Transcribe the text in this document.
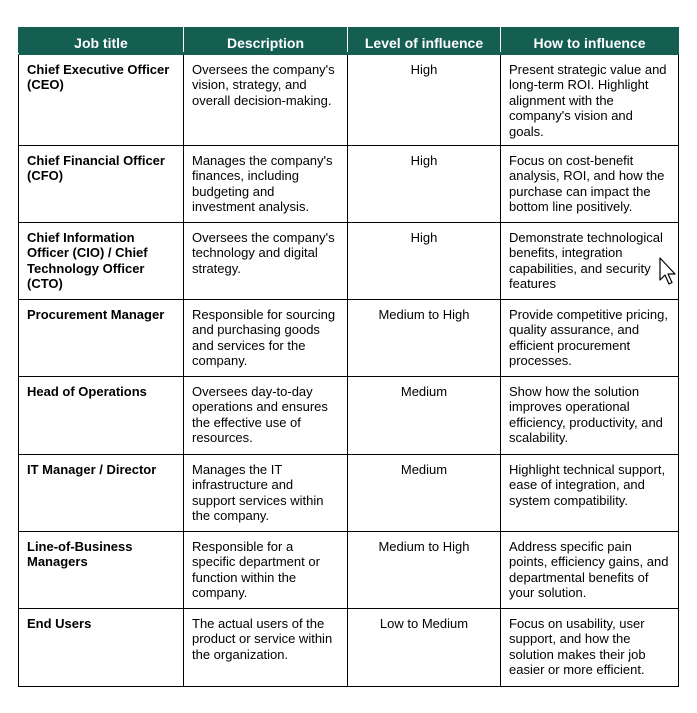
Job title	Description	Level of influence	How to influence
Chief Executive Officer (CEO)	Oversees the company's vision, strategy, and overall decision-making.	High	Present strategic value and long-term ROI. Highlight alignment with the company's vision and goals.
Chief Financial Officer (CFO)	Manages the company's finances, including budgeting and investment analysis.	High	Focus on cost-benefit analysis, ROI, and how the purchase can impact the bottom line positively.
Chief Information Officer (CIO) / Chief Technology Officer (CTO)	Oversees the company's technology and digital strategy.	High	Demonstrate technological benefits, integration capabilities, and security features
Procurement Manager	Responsible for sourcing and purchasing goods and services for the company.	Medium to High	Provide competitive pricing, quality assurance, and efficient procurement processes.
Head of Operations	Oversees day-to-day operations and ensures the effective use of resources.	Medium	Show how the solution improves operational efficiency, productivity, and scalability.
IT Manager / Director	Manages the IT infrastructure and support services within the company.	Medium	Highlight technical support, ease of integration, and system compatibility.
Line-of-Business Managers	Responsible for a specific department or function within the company.	Medium to High	Address specific pain points, efficiency gains, and departmental benefits of your solution.
End Users	The actual users of the product or service within the organization.	Low to Medium	Focus on usability, user support, and how the solution makes their job easier or more efficient.
